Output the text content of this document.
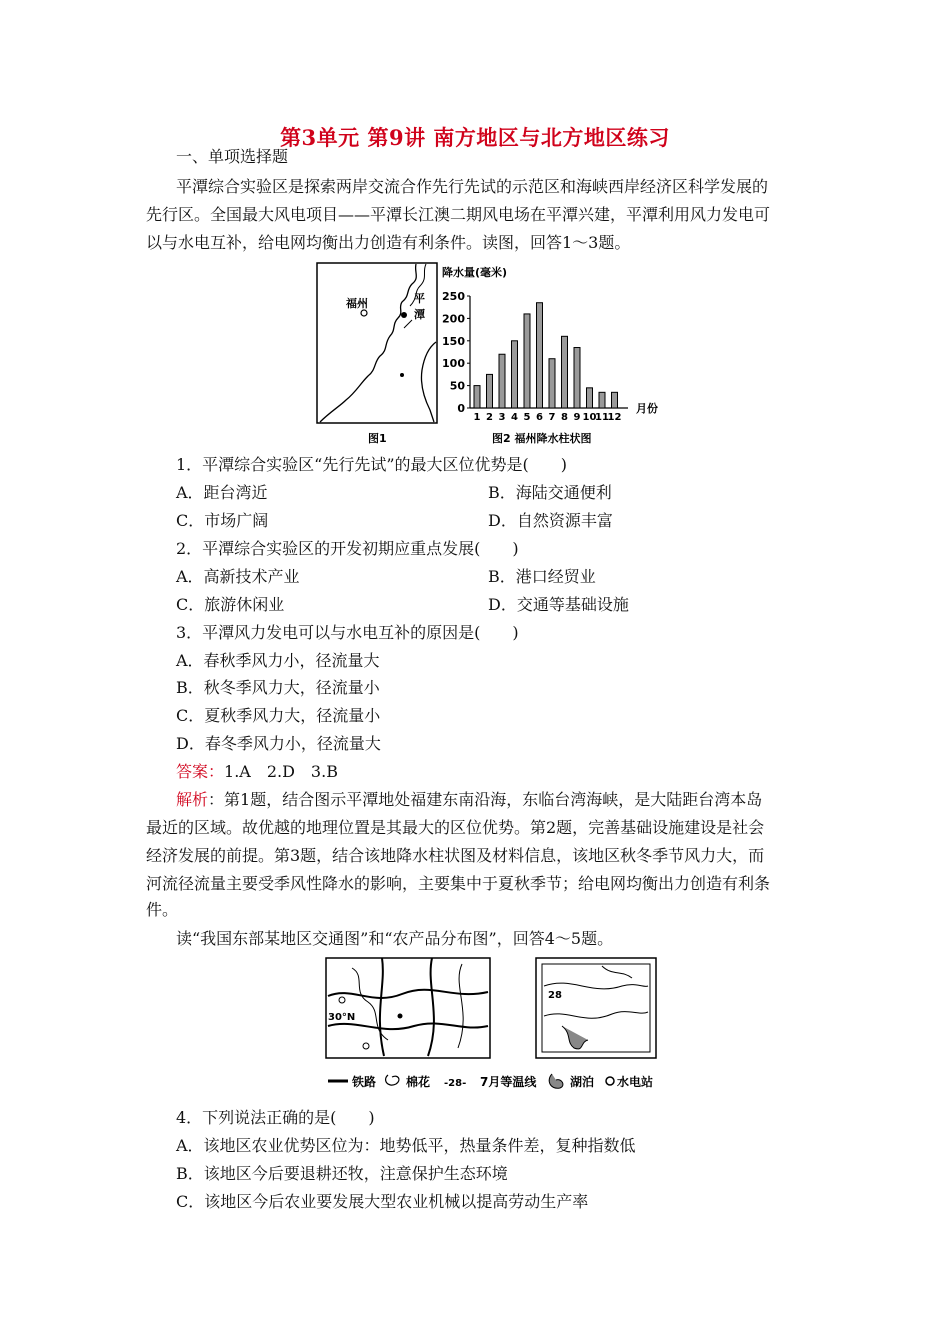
第3单元 第9讲 南方地区与北方地区练习
一、单项选择题
平潭综合实验区是探索两岸交流合作先行先试的示范区和海峡西岸经济区科学发展的
先行区。全国最大风电项目——平潭长江澳二期风电场在平潭兴建，平潭利用风力发电可
以与水电互补，给电网均衡出力创造有利条件。读图，回答1～3题。
福州	平
潭
图1
降水量(毫米)
月份
图2 福州降水柱状图
0
50
100
150
200
250
1 2 3 4 5 6 7 8 9 10
11
12
1．平潭综合实验区“先行先试”的最大区位优势是(　　)
A．距台湾近	B．海陆交通便利
C．市场广阔	D．自然资源丰富
2．平潭综合实验区的开发初期应重点发展(　　)
A．高新技术产业	B．港口经贸业
C．旅游休闲业	D．交通等基础设施
3．平潭风力发电可以与水电互补的原因是(　　)
A．春秋季风力小，径流量大
B．秋冬季风力大，径流量小
C．夏秋季风力大，径流量小
D．春冬季风力小，径流量大
答案：1.A　2.D　3.B
解析：第1题，结合图示平潭地处福建东南沿海，东临台湾海峡，是大陆距台湾本岛
最近的区域。故优越的地理位置是其最大的区位优势。第2题，完善基础设施建设是社会
经济发展的前提。第3题，结合该地降水柱状图及材料信息，该地区秋冬季节风力大，而
河流径流量主要受季风性降水的影响，主要集中于夏秋季节；给电网均衡出力创造有利条
件。
读“我国东部某地区交通图”和“农产品分布图”，回答4～5题。
30°N
28
铁路 棉花 -28- 7月等温线	湖泊 水电站
4．下列说法正确的是(　　)
A．该地区农业优势区位为：地势低平，热量条件差，复种指数低
B．该地区今后要退耕还牧，注意保护生态环境
C．该地区今后农业要发展大型农业机械以提高劳动生产率
